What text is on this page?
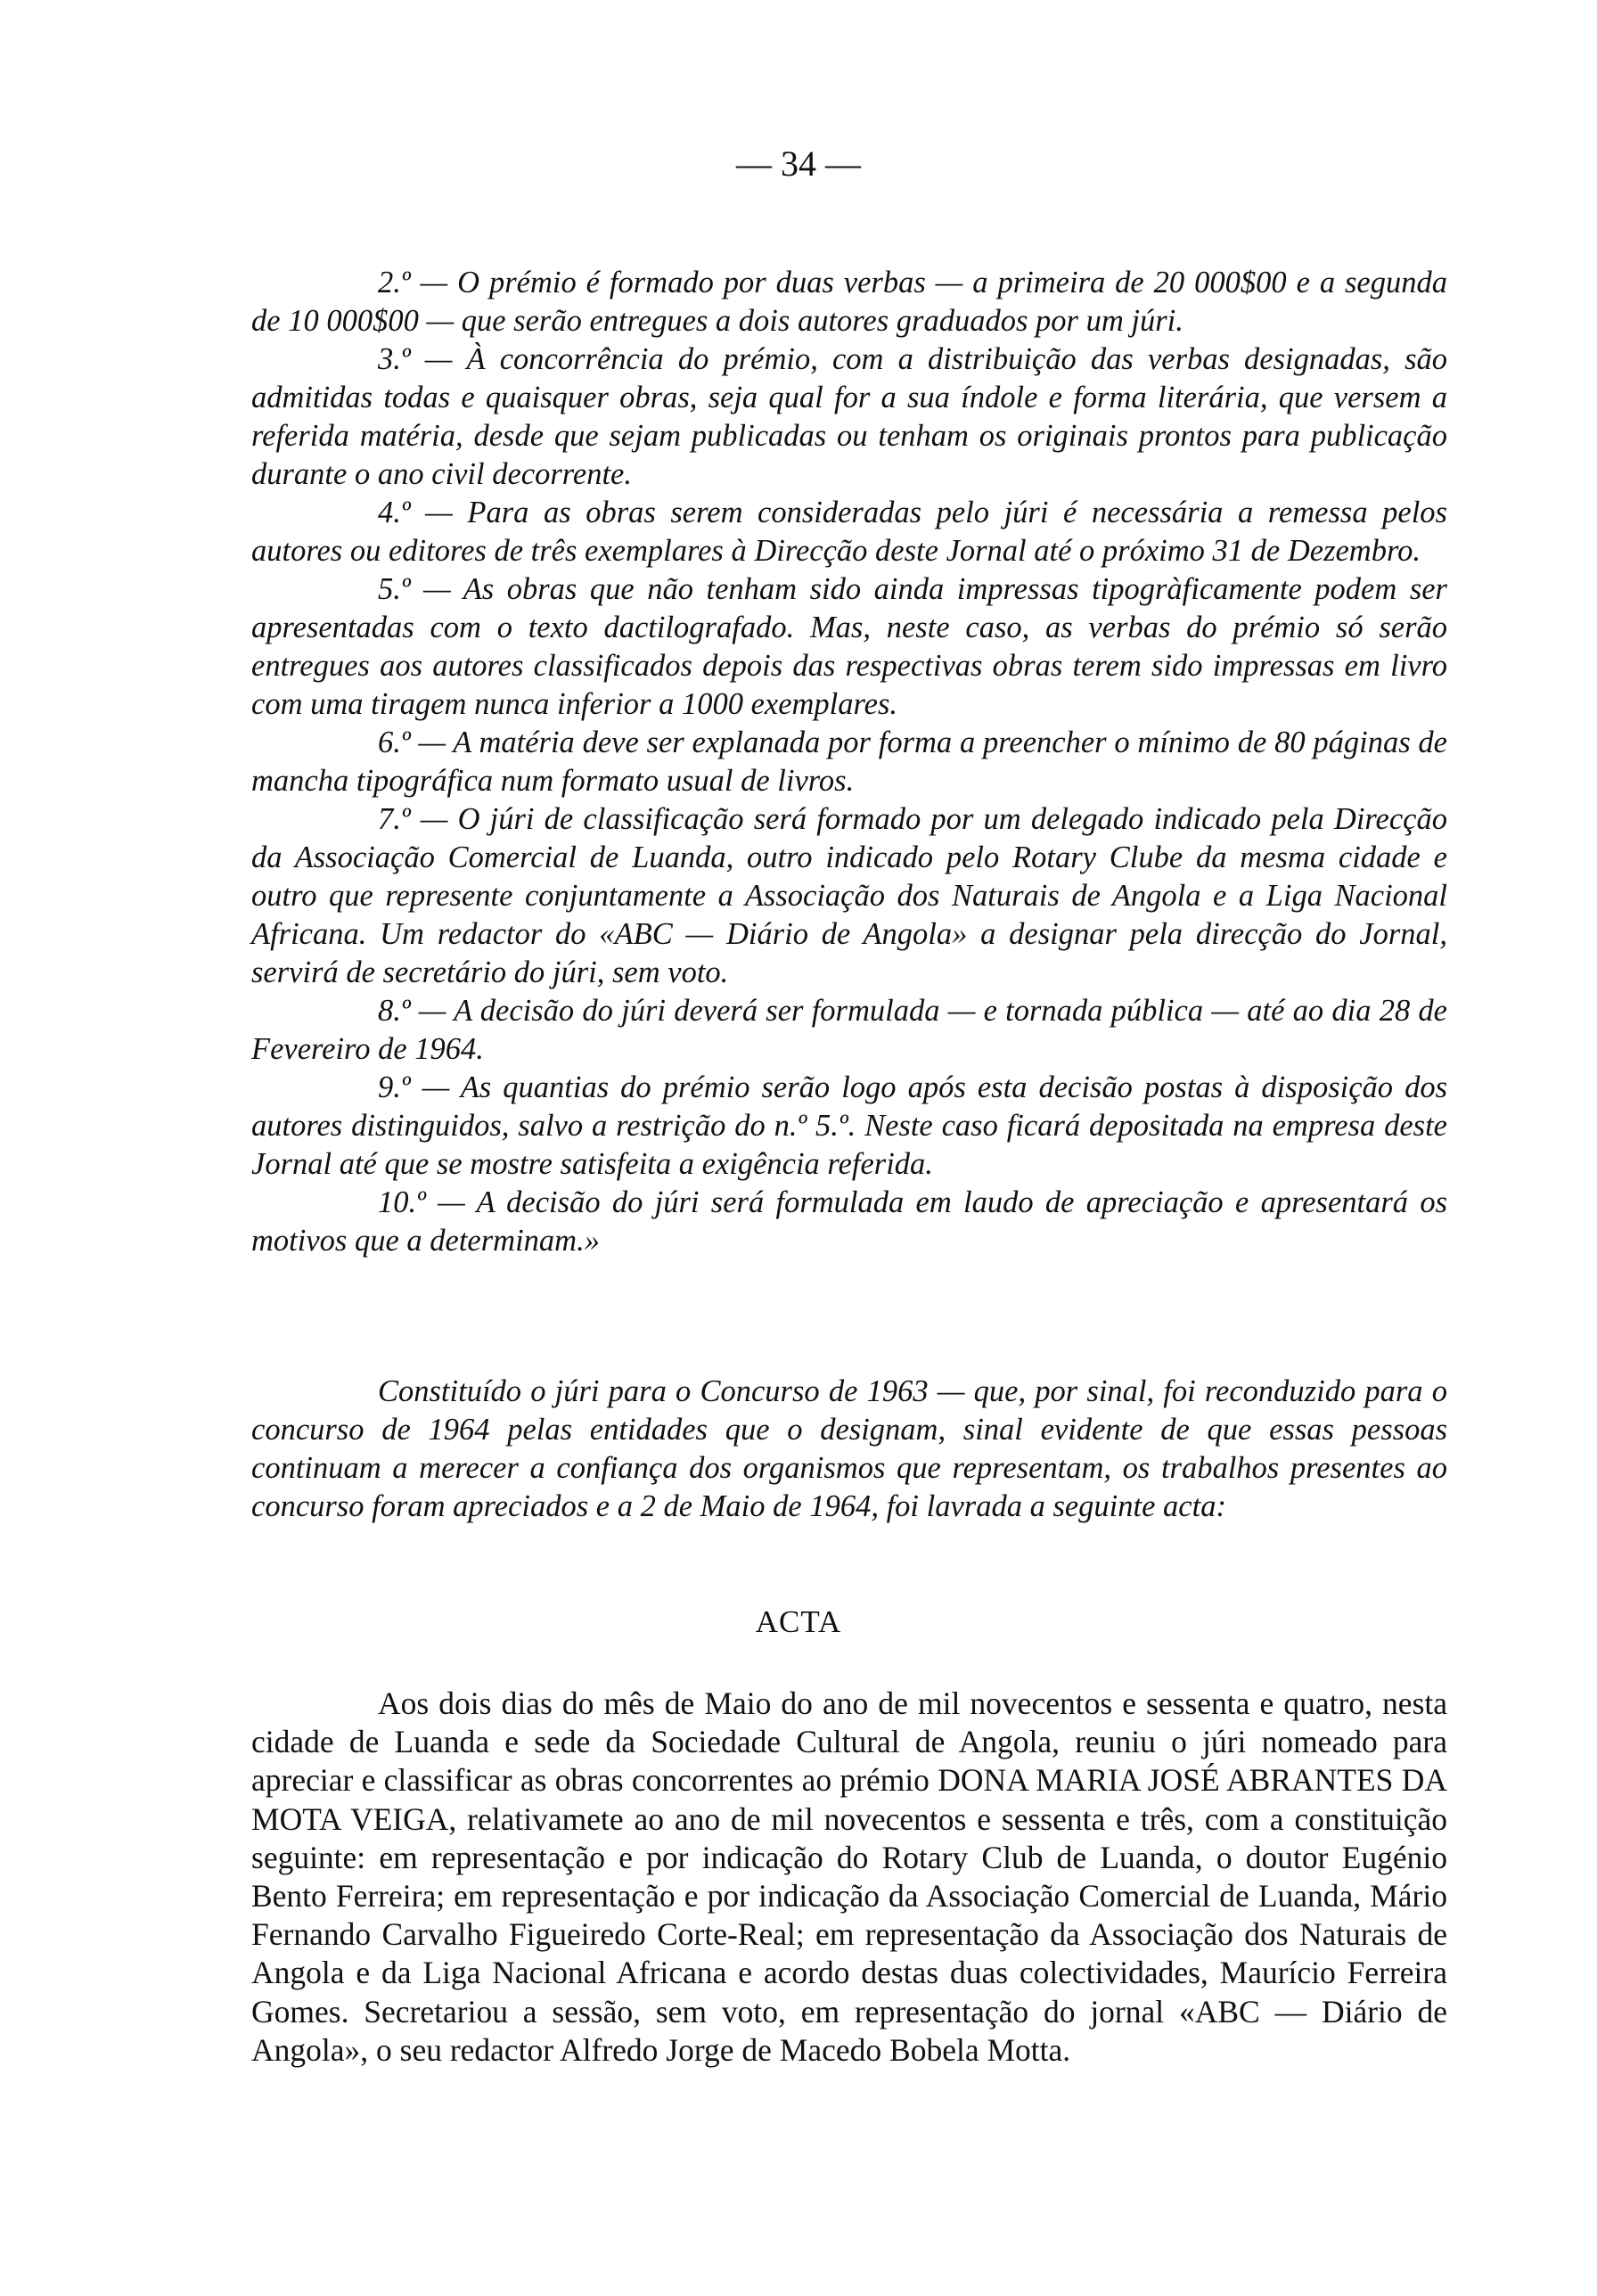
— 34 —

2.º — O prémio é formado por duas verbas — a primeira de 20 000$00 e a segunda de 10 000$00 — que serão entregues a dois autores graduados por um júri.

3.º — À concorrência do prémio, com a distribuição das verbas designadas, são admitidas todas e quaisquer obras, seja qual for a sua índole e forma literária, que versem a referida matéria, desde que sejam publicadas ou tenham os originais prontos para publicação durante o ano civil decorrente.

4.º — Para as obras serem consideradas pelo júri é necessária a remessa pelos autores ou editores de três exemplares à Direcção deste Jornal até o próximo 31 de Dezembro.

5.º — As obras que não tenham sido ainda impressas tipogràficamente podem ser apresentadas com o texto dactilografado. Mas, neste caso, as verbas do prémio só serão entregues aos autores classificados depois das respectivas obras terem sido impressas em livro com uma tiragem nunca inferior a 1000 exemplares.

6.º — A matéria deve ser explanada por forma a preencher o mínimo de 80 páginas de mancha tipográfica num formato usual de livros.

7.º — O júri de classificação será formado por um delegado indicado pela Direcção da Associação Comercial de Luanda, outro indicado pelo Rotary Clube da mesma cidade e outro que represente conjuntamente a Associação dos Naturais de Angola e a Liga Nacional Africana. Um redactor do «ABC — Diário de Angola» a designar pela direcção do Jornal, servirá de secretário do júri, sem voto.

8.º — A decisão do júri deverá ser formulada — e tornada pública — até ao dia 28 de Fevereiro de 1964.

9.º — As quantias do prémio serão logo após esta decisão postas à disposição dos autores distinguidos, salvo a restrição do n.º 5.º. Neste caso ficará depositada na empresa deste Jornal até que se mostre satisfeita a exigência referida.

10.º — A decisão do júri será formulada em laudo de apreciação e apresentará os motivos que a determinam.»

Constituído o júri para o Concurso de 1963 — que, por sinal, foi reconduzido para o concurso de 1964 pelas entidades que o designam, sinal evidente de que essas pessoas continuam a merecer a confiança dos organismos que representam, os trabalhos presentes ao concurso foram apreciados e a 2 de Maio de 1964, foi lavrada a seguinte acta:

ACTA

Aos dois dias do mês de Maio do ano de mil novecentos e sessenta e quatro, nesta cidade de Luanda e sede da Sociedade Cultural de Angola, reuniu o júri nomeado para apreciar e classificar as obras concorrentes ao prémio DONA MARIA JOSÉ ABRANTES DA MOTA VEIGA, relativamete ao ano de mil novecentos e sessenta e três, com a constituição seguinte: em representação e por indicação do Rotary Club de Luanda, o doutor Eugénio Bento Ferreira; em representação e por indicação da Associação Comercial de Luanda, Mário Fernando Carvalho Figueiredo Corte-Real; em representação da Associação dos Naturais de Angola e da Liga Nacional Africana e acordo destas duas colectividades, Maurício Ferreira Gomes. Secretariou a sessão, sem voto, em representação do jornal «ABC — Diário de Angola», o seu redactor Alfredo Jorge de Macedo Bobela Motta.
